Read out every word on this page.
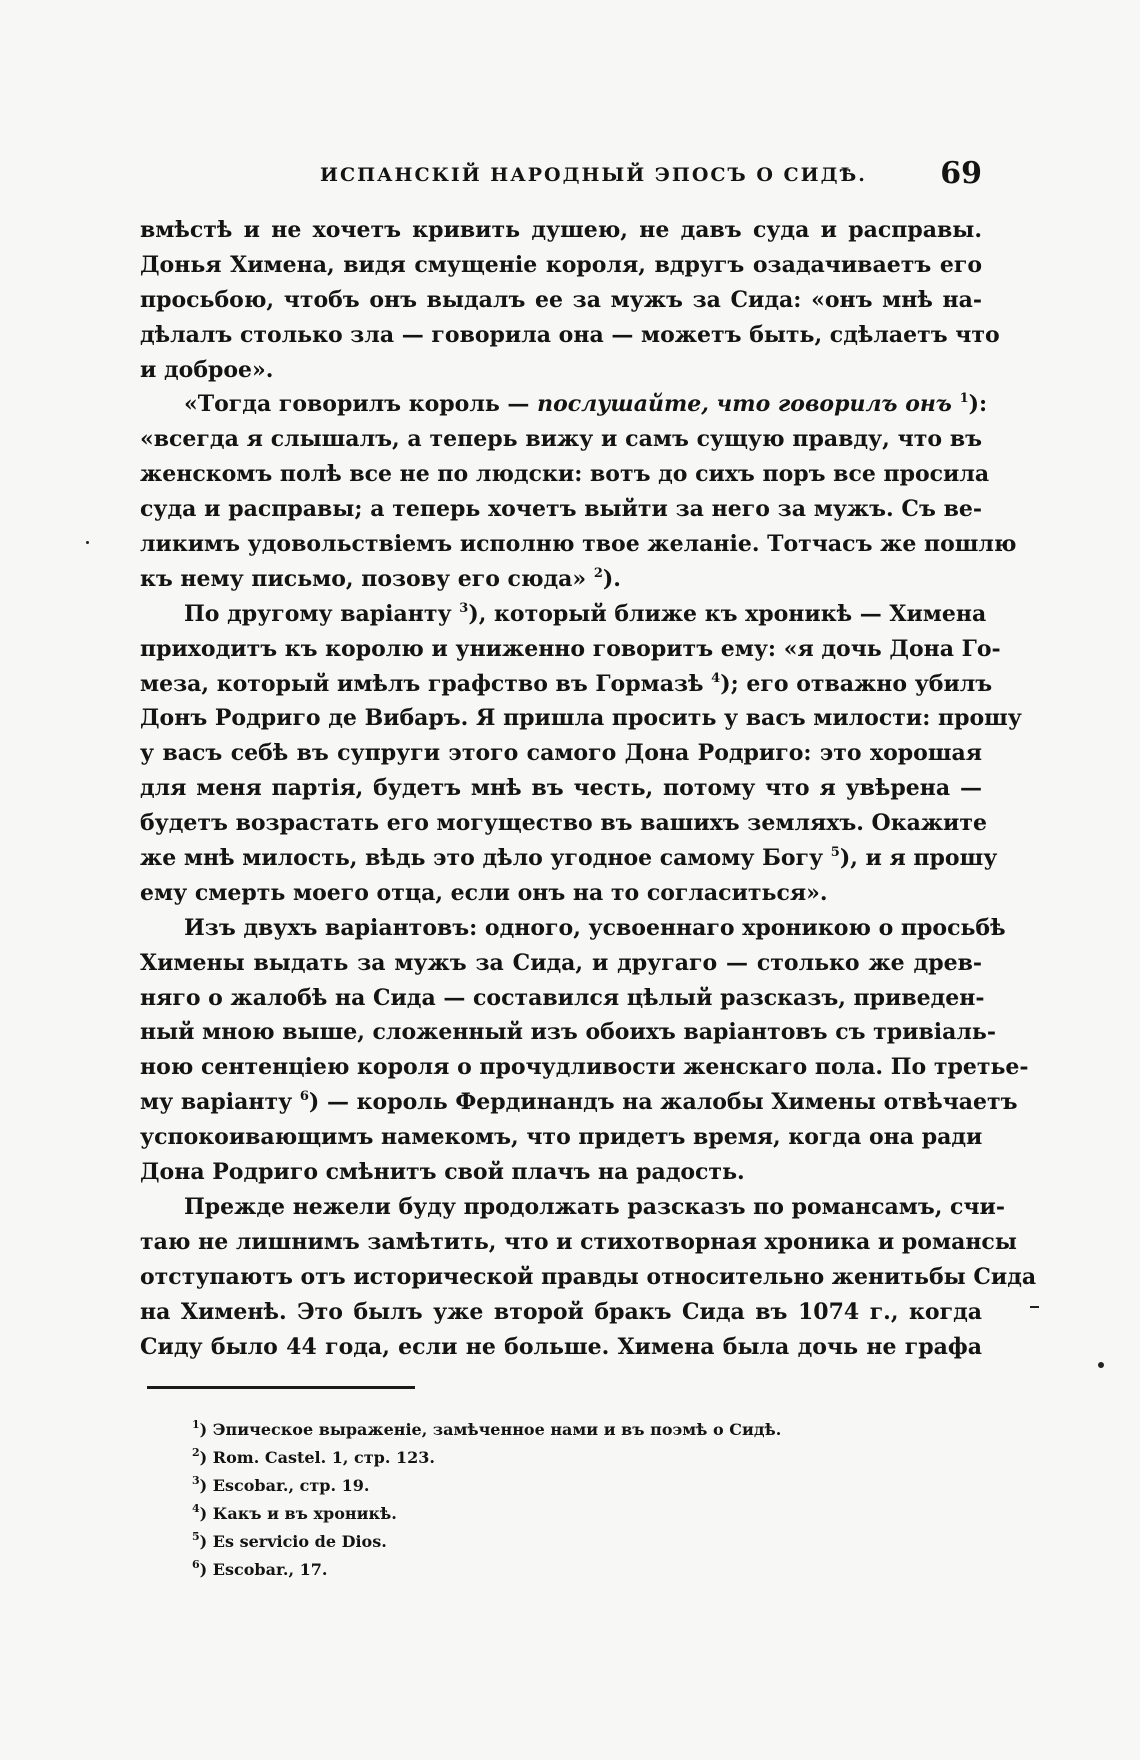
ИСПАНСКІЙ НАРОДНЫЙ ЭПОСЪ О СИДѢ. 69
вмѣстѣ и не хочетъ кривить душею, не давъ суда и расправы.
Донья Химена, видя смущеніе короля, вдругъ озадачиваетъ его
просьбою, чтобъ онъ выдалъ ее за мужъ за Сида: «онъ мнѣ на-
дѣлалъ столько зла — говорила она — можетъ быть, сдѣлаетъ что
и доброе».
«Тогда говорилъ король — послушайте, что говорилъ онъ $^1$):
«всегда я слышалъ, а теперь вижу и самъ сущую правду, что въ
женскомъ полѣ все не по людски: вотъ до сихъ поръ все просила
суда и расправы; а теперь хочетъ выйти за него за мужъ. Съ ве-
ликимъ удовольствіемъ исполню твое желаніе. Тотчасъ же пошлю
къ нему письмо, позову его сюда» $^2$).
По другому варіанту $^3$), который ближе къ хроникѣ — Химена
приходитъ къ королю и униженно говоритъ ему: «я дочь Дона Го-
меза, который имѣлъ графство въ Гормазѣ $^4$); его отважно убилъ
Донъ Родриго де Вибаръ. Я пришла просить у васъ милости: прошу
у васъ себѣ въ супруги этого самого Дона Родриго: это хорошая
для меня партія, будетъ мнѣ въ честь, потому что я увѣрена —
будетъ возрастать его могущество въ вашихъ земляхъ. Окажите
же мнѣ милость, вѣдь это дѣло угодное самому Богу $^5$), и я прошу
ему смерть моего отца, если онъ на то согласиться».
Изъ двухъ варіантовъ: одного, усвоеннаго хроникою о просьбѣ
Химены выдать за мужъ за Сида, и другаго — столько же древ-
няго о жалобѣ на Сида — составился цѣлый разсказъ, приведен-
ный мною выше, сложенный изъ обоихъ варіантовъ съ тривіаль-
ною сентенціею короля о прочудливости женскаго пола. По третье-
му варіанту $^6$) — король Фердинандъ на жалобы Химены отвѣчаетъ
успокоивающимъ намекомъ, что придетъ время, когда она ради
Дона Родриго смѣнитъ свой плачъ на радость.
Прежде нежели буду продолжать разсказъ по романсамъ, счи-
таю не лишнимъ замѣтить, что и стихотворная хроника и романсы
отступаютъ отъ исторической правды относительно женитьбы Сида
на Хименѣ. Это былъ уже второй бракъ Сида въ 1074 г., когда
Сиду было 44 года, если не больше. Химена была дочь не графа
$^1$) Эпическое выраженіе, замѣченное нами и въ поэмѣ о Сидѣ.
$^2$) Rom. Castel. 1, стр. 123.
$^3$) Escobar., стр. 19.
$^4$) Какъ и въ хроникѣ.
$^5$) Es servicio de Dios.
$^6$) Escobar., 17.
